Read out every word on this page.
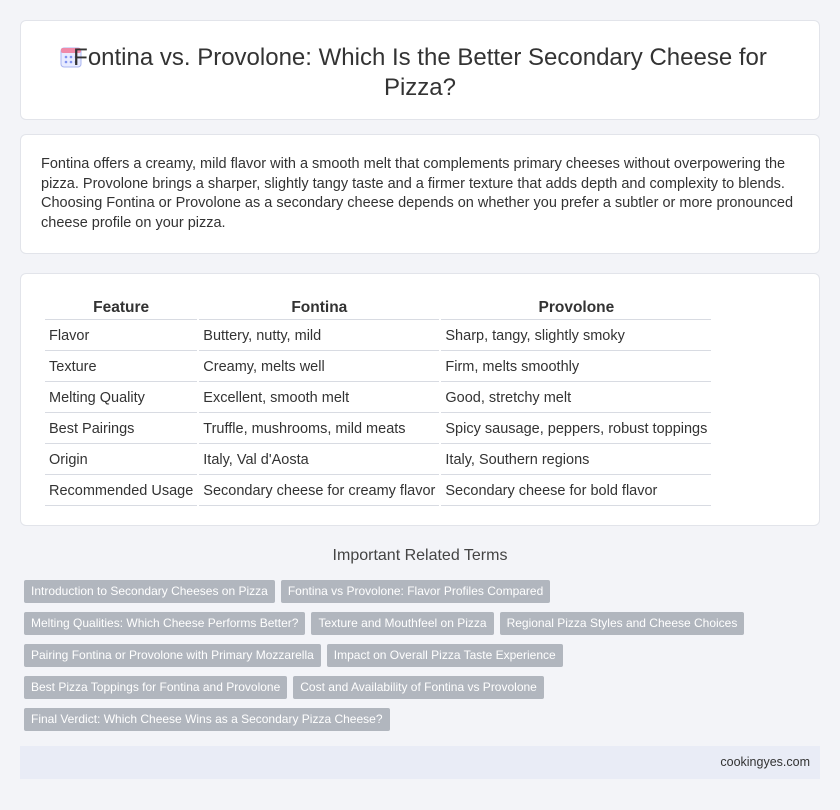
Fontina vs. Provolone: Which Is the Better Secondary Cheese for Pizza?

Fontina offers a creamy, mild flavor with a smooth melt that complements primary cheeses without overpowering the pizza. Provolone brings a sharper, slightly tangy taste and a firmer texture that adds depth and complexity to blends. Choosing Fontina or Provolone as a secondary cheese depends on whether you prefer a subtler or more pronounced cheese profile on your pizza.

Feature	Fontina	Provolone
Flavor	Buttery, nutty, mild	Sharp, tangy, slightly smoky
Texture	Creamy, melts well	Firm, melts smoothly
Melting Quality	Excellent, smooth melt	Good, stretchy melt
Best Pairings	Truffle, mushrooms, mild meats	Spicy sausage, peppers, robust toppings
Origin	Italy, Val d'Aosta	Italy, Southern regions
Recommended Usage	Secondary cheese for creamy flavor	Secondary cheese for bold flavor
Important Related Terms
Introduction to Secondary Cheeses on Pizza	Fontina vs Provolone: Flavor Profiles Compared
Melting Qualities: Which Cheese Performs Better?	Texture and Mouthfeel on Pizza	Regional Pizza Styles and Cheese Choices
Pairing Fontina or Provolone with Primary Mozzarella	Impact on Overall Pizza Taste Experience
Best Pizza Toppings for Fontina and Provolone	Cost and Availability of Fontina vs Provolone
Final Verdict: Which Cheese Wins as a Secondary Pizza Cheese?
cookingyes.com
